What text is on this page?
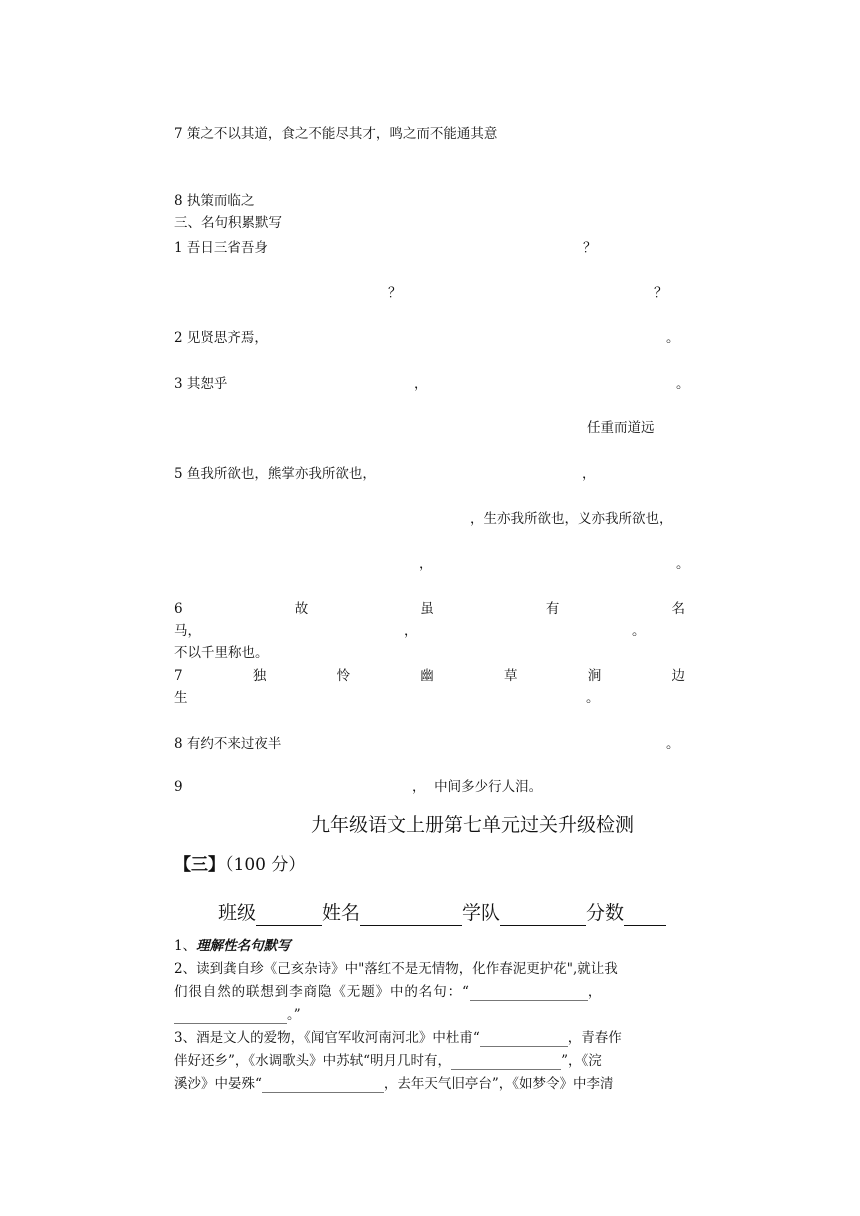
7 策之不以其道，食之不能尽其才，鸣之而不能通其意
8 执策而临之
三、名句积累默写
1 吾日三省吾身	？
？	？
2 见贤思齐焉，	。
3 其恕乎	，	。
任重而道远
5 鱼我所欲也，熊掌亦我所欲也，	，
，生亦我所欲也，义亦我所欲也，
，	。
6	故	虽	有	名
马，	，	。
不以千里称也。
7	独	怜	幽	草	涧	边
生	。
8 有约不来过夜半	。
9	，  中间多少行人泪。
九年级语文上册第七单元过关升级检测
【三】（100 分）
班级	姓名	学队	分数
1、理解性名句默写
2、读到龚自珍《己亥杂诗》中"落红不是无情物，化作春泥更护花",就让我
们很自然的联想到李商隐《无题》中的名句：“	，
。”
3、酒是文人的爱物，《闻官军收河南河北》中杜甫“	，青春作
伴好还乡”，《水调歌头》中苏轼“明月几时有，	”，《浣
溪沙》中晏殊“	，去年天气旧亭台”，《如梦令》中李清
